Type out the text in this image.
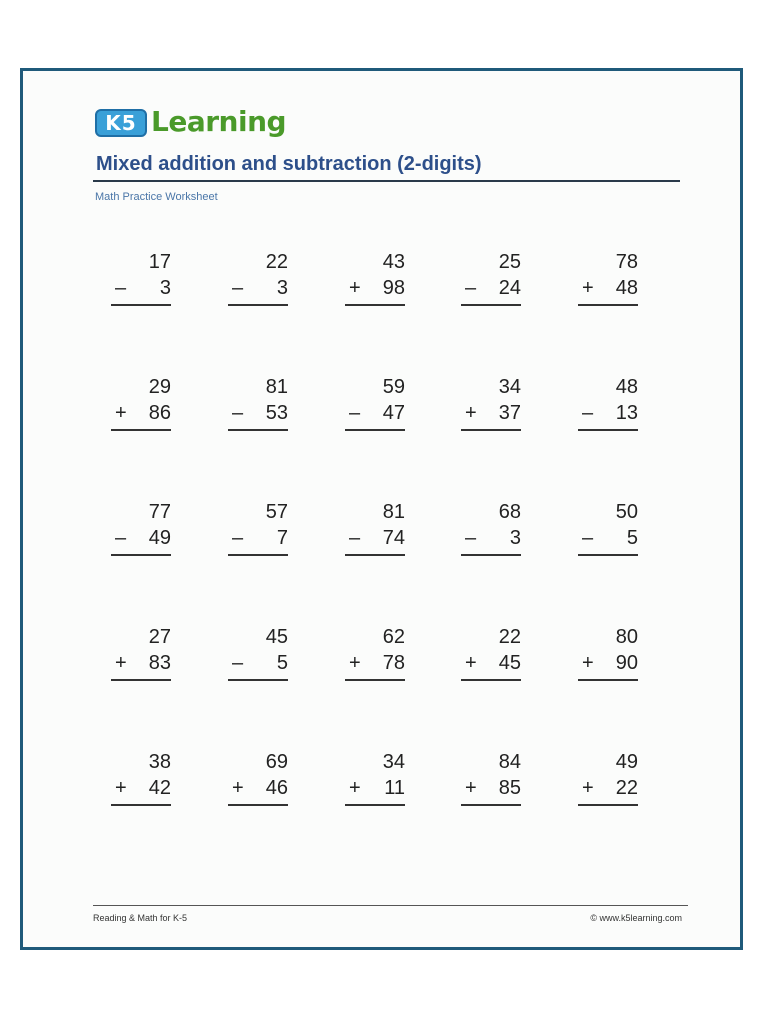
K5 Learning
Mixed addition and subtraction (2-digits)
Math Practice Worksheet
17
– 3
22
– 3
43
+ 98
25
– 24
78
+ 48
29
+ 86
81
– 53
59
– 47
34
+ 37
48
– 13
77
– 49
57
– 7
81
– 74
68
– 3
50
– 5
27
+ 83
45
– 5
62
+ 78
22
+ 45
80
+ 90
38
+ 42
69
+ 46
34
+ 11
84
+ 85
49
+ 22
Reading & Math for K-5	© www.k5learning.com
